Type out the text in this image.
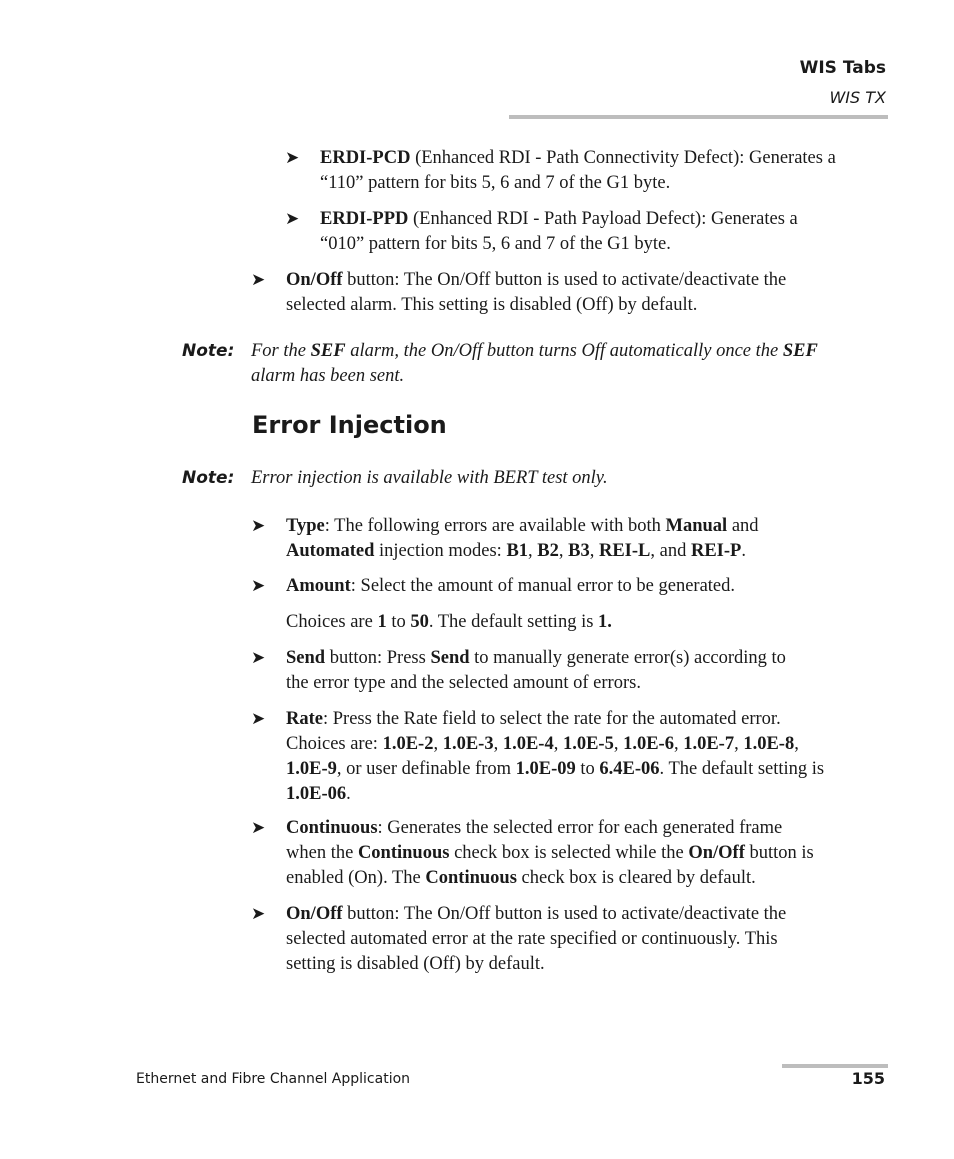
WIS Tabs
WIS TX
➤ ERDI-PCD (Enhanced RDI - Path Connectivity Defect): Generates a
“110” pattern for bits 5, 6 and 7 of the G1 byte.
➤ ERDI-PPD (Enhanced RDI - Path Payload Defect): Generates a
“010” pattern for bits 5, 6 and 7 of the G1 byte.
➤ On/Off button: The On/Off button is used to activate/deactivate the
selected alarm. This setting is disabled (Off) by default.
Note: For the SEF alarm, the On/Off button turns Off automatically once the SEF
alarm has been sent.
Error Injection
Note: Error injection is available with BERT test only.
➤ Type: The following errors are available with both Manual and
Automated injection modes: B1, B2, B3, REI-L, and REI-P.
➤ Amount: Select the amount of manual error to be generated.
Choices are 1 to 50. The default setting is 1.
➤ Send button: Press Send to manually generate error(s) according to
the error type and the selected amount of errors.
➤ Rate: Press the Rate field to select the rate for the automated error.
Choices are: 1.0E-2, 1.0E-3, 1.0E-4, 1.0E-5, 1.0E-6, 1.0E-7, 1.0E-8,
1.0E-9, or user definable from 1.0E-09 to 6.4E-06. The default setting is
1.0E-06.
➤ Continuous: Generates the selected error for each generated frame
when the Continuous check box is selected while the On/Off button is
enabled (On). The Continuous check box is cleared by default.
➤ On/Off button: The On/Off button is used to activate/deactivate the
selected automated error at the rate specified or continuously. This
setting is disabled (Off) by default.
Ethernet and Fibre Channel Application	155
